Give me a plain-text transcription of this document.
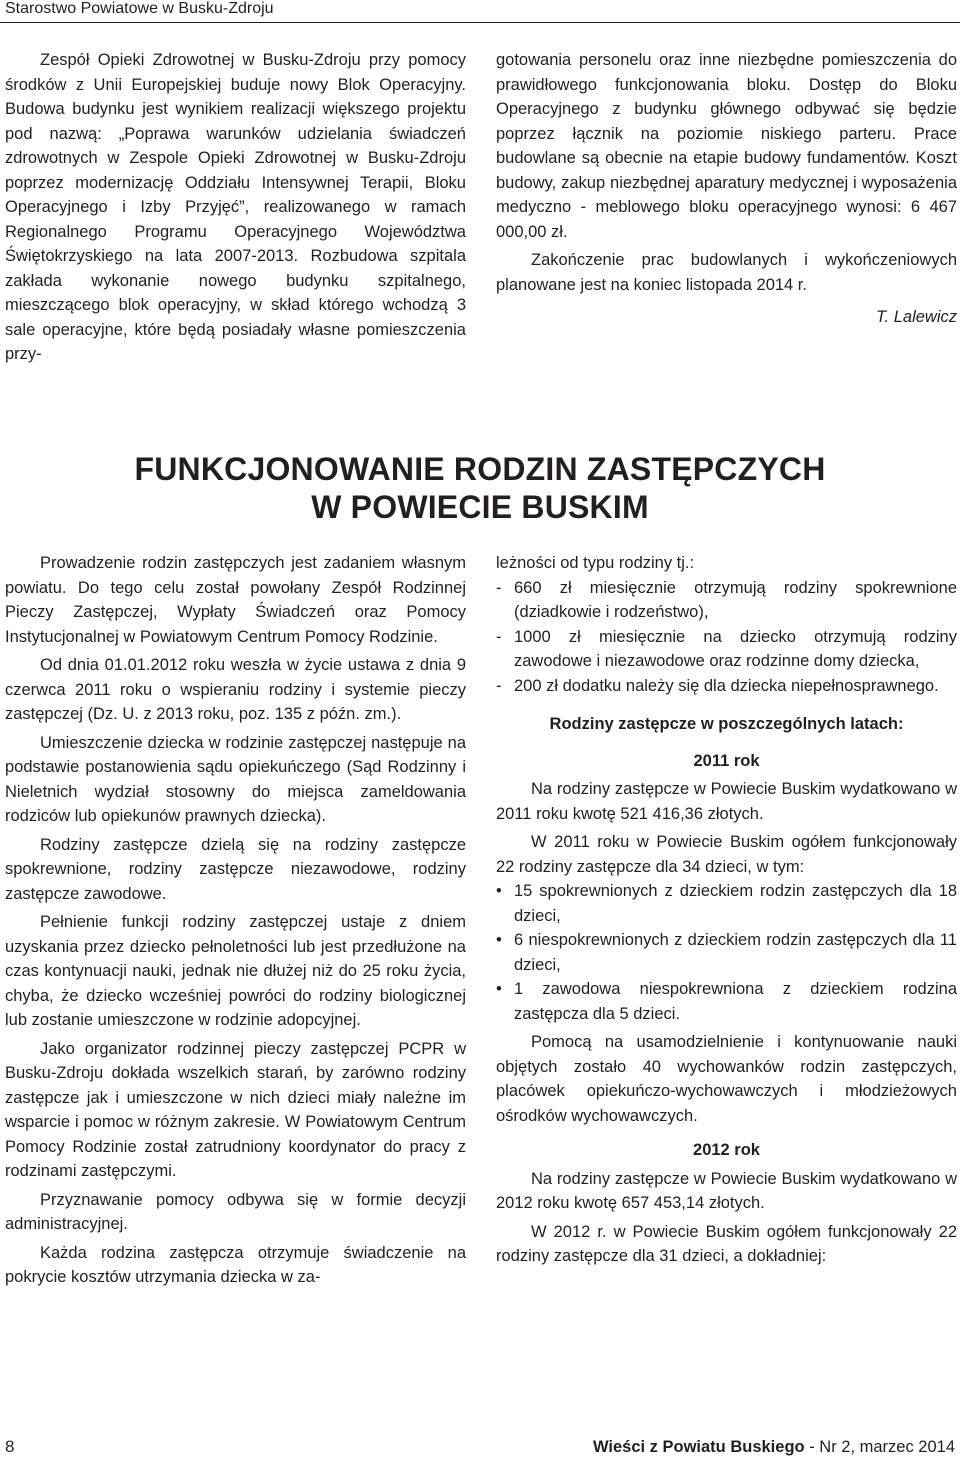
Starostwo Powiatowe w Busku-Zdroju

Zespół Opieki Zdrowotnej w Busku-Zdroju przy pomocy środków z Unii Europejskiej buduje nowy Blok Operacyjny. Budowa budynku jest wynikiem realizacji większego projektu pod nazwą: „Poprawa warunków udzielania świadczeń zdrowotnych w Zespole Opieki Zdrowotnej w Busku-Zdroju poprzez modernizację Oddziału Intensywnej Terapii, Bloku Operacyjnego i Izby Przyjęć”, realizowanego w ramach Regionalnego Programu Operacyjnego Województwa Świętokrzyskiego na lata 2007-2013. Rozbudowa szpitala zakłada wykonanie nowego budynku szpitalnego, mieszczącego blok operacyjny, w skład którego wchodzą 3 sale operacyjne, które będą posiadały własne pomieszczenia przy-

gotowania personelu oraz inne niezbędne pomieszczenia do prawidłowego funkcjonowania bloku. Dostęp do Bloku Operacyjnego z budynku głównego odbywać się będzie poprzez łącznik na poziomie niskiego parteru. Prace budowlane są obecnie na etapie budowy fundamentów. Koszt budowy, zakup niezbędnej aparatury medycznej i wyposażenia medyczno - meblowego bloku operacyjnego wynosi: 6 467 000,00 zł.

Zakończenie prac budowlanych i wykończeniowych planowane jest na koniec listopada 2014 r.

T. Lalewicz

FUNKCJONOWANIE RODZIN ZASTĘPCZYCH
W POWIECIE BUSKIM

Prowadzenie rodzin zastępczych jest zadaniem własnym powiatu. Do tego celu został powołany Zespół Rodzinnej Pieczy Zastępczej, Wypłaty Świadczeń oraz Pomocy Instytucjonalnej w Powiatowym Centrum Pomocy Rodzinie.

Od dnia 01.01.2012 roku weszła w życie ustawa z dnia 9 czerwca 2011 roku o wspieraniu rodziny i systemie pieczy zastępczej (Dz. U. z 2013 roku, poz. 135 z późn. zm.).

Umieszczenie dziecka w rodzinie zastępczej następuje na podstawie postanowienia sądu opiekuńczego (Sąd Rodzinny i Nieletnich wydział stosowny do miejsca zameldowania rodziców lub opiekunów prawnych dziecka).

Rodziny zastępcze dzielą się na rodziny zastępcze spokrewnione, rodziny zastępcze niezawodowe, rodziny zastępcze zawodowe.

Pełnienie funkcji rodziny zastępczej ustaje z dniem uzyskania przez dziecko pełnoletności lub jest przedłużone na czas kontynuacji nauki, jednak nie dłużej niż do 25 roku życia, chyba, że dziecko wcześniej powróci do rodziny biologicznej lub zostanie umieszczone w rodzinie adopcyjnej.

Jako organizator rodzinnej pieczy zastępczej PCPR w Busku-Zdroju dokłada wszelkich starań, by zarówno rodziny zastępcze jak i umieszczone w nich dzieci miały należne im wsparcie i pomoc w różnym zakresie. W Powiatowym Centrum Pomocy Rodzinie został zatrudniony koordynator do pracy z rodzinami zastępczymi.

Przyznawanie pomocy odbywa się w formie decyzji administracyjnej.

Każda rodzina zastępcza otrzymuje świadczenie na pokrycie kosztów utrzymania dziecka w za-

leżności od typu rodziny tj.:

- 660 zł miesięcznie otrzymują rodziny spokrewnione (dziadkowie i rodzeństwo),
- 1000 zł miesięcznie na dziecko otrzymują rodziny zawodowe i niezawodowe oraz rodzinne domy dziecka,
- 200 zł dodatku należy się dla dziecka niepełnosprawnego.

Rodziny zastępcze w poszczególnych latach:

2011 rok

Na rodziny zastępcze w Powiecie Buskim wydatkowano w 2011 roku kwotę 521 416,36 złotych.

W 2011 roku w Powiecie Buskim ogółem funkcjonowały 22 rodziny zastępcze dla 34 dzieci, w tym:

• 15 spokrewnionych z dzieckiem rodzin zastępczych dla 18 dzieci,
• 6 niespokrewnionych z dzieckiem rodzin zastępczych dla 11 dzieci,
• 1 zawodowa niespokrewniona z dzieckiem rodzina zastępcza dla 5 dzieci.

Pomocą na usamodzielnienie i kontynuowanie nauki objętych zostało 40 wychowanków rodzin zastępczych, placówek opiekuńczo-wychowawczych i młodzieżowych ośrodków wychowawczych.

2012 rok

Na rodziny zastępcze w Powiecie Buskim wydatkowano w 2012 roku kwotę 657 453,14 złotych.

W 2012 r. w Powiecie Buskim ogółem funkcjonowały 22 rodziny zastępcze dla 31 dzieci, a dokładniej:

8	Wieści z Powiatu Buskiego - Nr 2, marzec 2014
